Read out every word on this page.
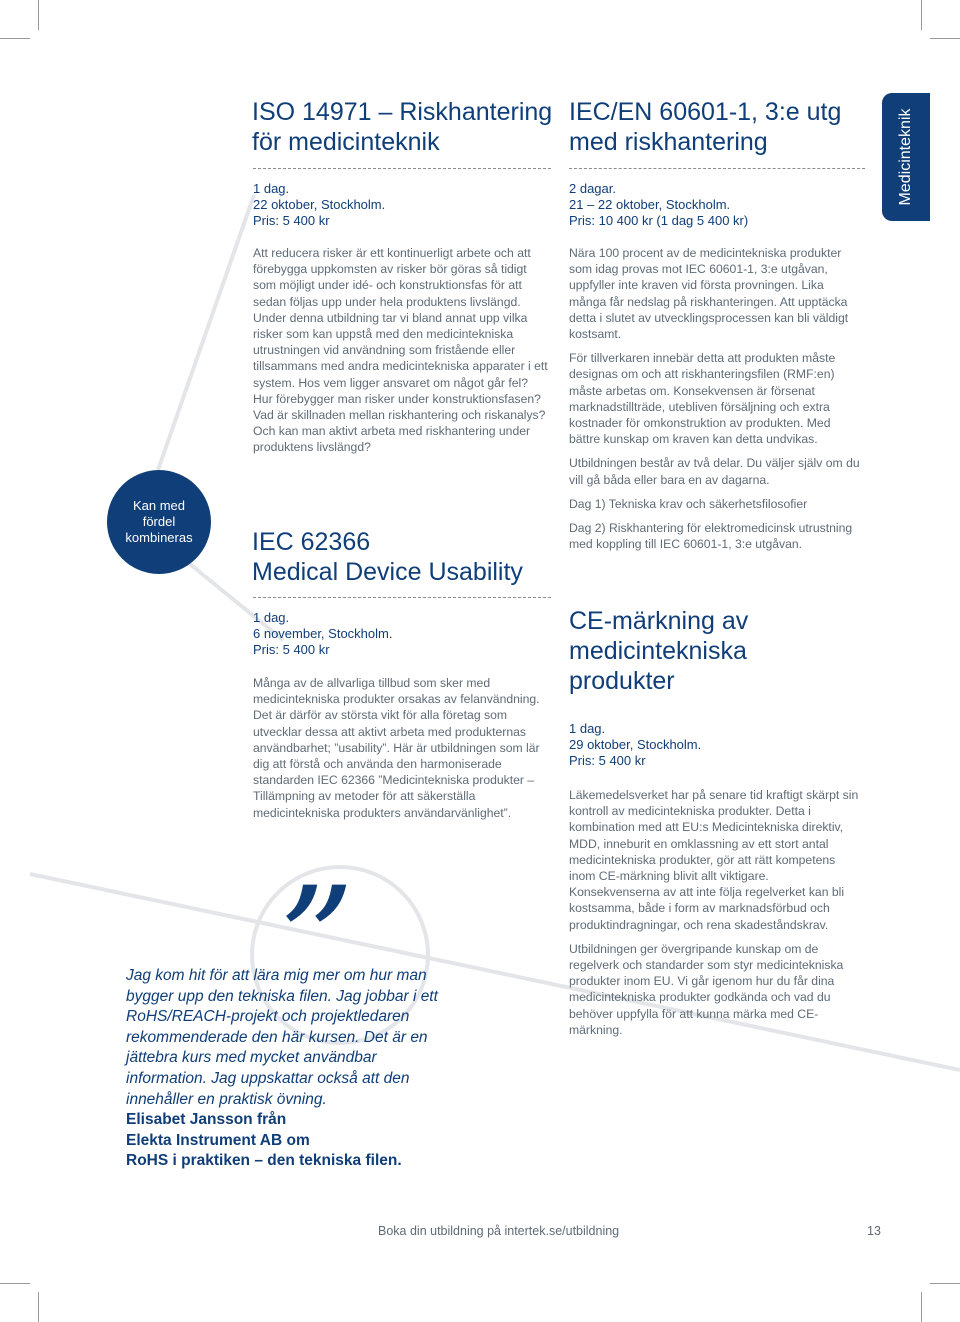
Medicinteknik
Kan med
fördel
kombineras
ISO 14971 – Riskhantering
för medicinteknik
1 dag.
22 oktober, Stockholm.
Pris: 5 400 kr

Att reducera risker är ett kontinuerligt arbete och att förebygga uppkomsten av risker bör göras så tidigt som möjligt under idé- och konstruktionsfas för att sedan följas upp under hela produktens livslängd. Under denna utbildning tar vi bland annat upp vilka risker som kan uppstå med den medicintekniska utrustningen vid användning som fristående eller tillsammans med andra medicintekniska apparater i ett system. Hos vem ligger ansvaret om något går fel? Hur förebygger man risker under konstruktionsfasen? Vad är skillnaden mellan riskhantering och riskanalys? Och kan man aktivt arbeta med riskhantering under produktens livslängd?

IEC 62366
Medical Device Usability
1 dag.
6 november, Stockholm.
Pris: 5 400 kr

Många av de allvarliga tillbud som sker med medicintekniska produkter orsakas av felanvändning. Det är därför av största vikt för alla företag som utvecklar dessa att aktivt arbeta med produkternas användbarhet; ”usability”. Här är utbildningen som lär dig att förstå och använda den harmoniserade standarden IEC 62366 ”Medicintekniska produkter – Tillämpning av metoder för att säkerställa medicintekniska produkters användarvänlighet”.

IEC/EN 60601-1, 3:e utg
med riskhantering
2 dagar.
21 – 22 oktober, Stockholm.
Pris: 10 400 kr (1 dag 5 400 kr)

Nära 100 procent av de medicintekniska produkter som idag provas mot IEC 60601-1, 3:e utgåvan, uppfyller inte kraven vid första provningen. Lika många får nedslag på riskhanteringen. Att upptäcka detta i slutet av utvecklingsprocessen kan bli väldigt kostsamt.

För tillverkaren innebär detta att produkten måste designas om och att riskhanteringsfilen (RMF:en) måste arbetas om. Konsekvensen är försenat marknadstillträde, utebliven försäljning och extra kostnader för omkonstruktion av produkten. Med bättre kunskap om kraven kan detta undvikas.

Utbildningen består av två delar. Du väljer själv om du vill gå båda eller bara en av dagarna.

Dag 1) Tekniska krav och säkerhetsfilosofier

Dag 2) Riskhantering för elektromedicinsk utrustning med koppling till IEC 60601-1, 3:e utgåvan.

CE-märkning av
medicintekniska
produkter
1 dag.
29 oktober, Stockholm.
Pris: 5 400 kr

Läkemedelsverket har på senare tid kraftigt skärpt sin kontroll av medicintekniska produkter. Detta i kombination med att EU:s Medicintekniska direktiv, MDD, inneburit en omklassning av ett stort antal medicintekniska produkter, gör att rätt kompetens inom CE-märkning blivit allt viktigare. Konsekvenserna av att inte följa regelverket kan bli kostsamma, både i form av marknadsförbud och produktindragningar, och rena skadeståndskrav.

Utbildningen ger övergripande kunskap om de regelverk och standarder som styr medicintekniska produkter inom EU. Vi går igenom hur du får dina medicintekniska produkter godkända och vad du behöver uppfylla för att kunna märka med CE-märkning.

”
Jag kom hit för att lära mig mer om hur man bygger upp den tekniska filen. Jag jobbar i ett RoHS/REACH-projekt och projektledaren rekommenderade den här kursen. Det är en jättebra kurs med mycket användbar information. Jag uppskattar också att den innehåller en praktisk övning.
Elisabet Jansson från
Elekta Instrument AB om
RoHS i praktiken – den tekniska filen.
Boka din utbildning på intertek.se/utbildning	13
